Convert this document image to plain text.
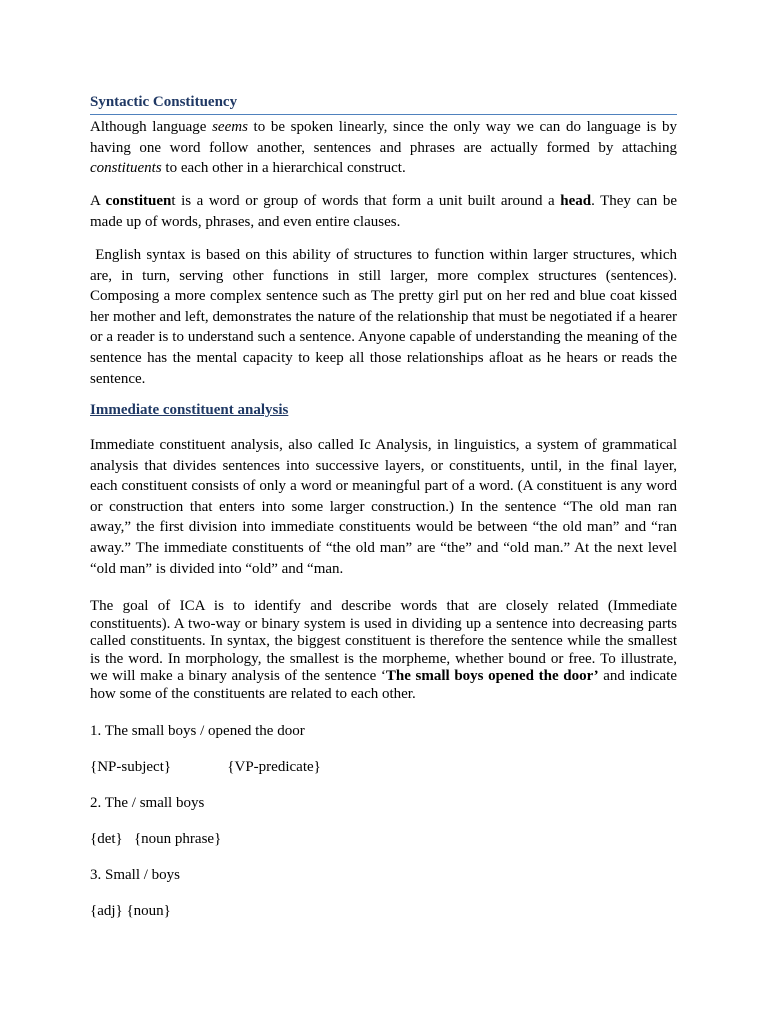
Syntactic Constituency

Although language seems to be spoken linearly, since the only way we can do language is by having one word follow another, sentences and phrases are actually formed by attaching constituents to each other in a hierarchical construct.

A constituent is a word or group of words that form a unit built around a head. They can be made up of words, phrases, and even entire clauses.

English syntax is based on this ability of structures to function within larger structures, which are, in turn, serving other functions in still larger, more complex structures (sentences). Composing a more complex sentence such as The pretty girl put on her red and blue coat kissed her mother and left, demonstrates the nature of the relationship that must be negotiated if a hearer or a reader is to understand such a sentence. Anyone capable of understanding the meaning of the sentence has the mental capacity to keep all those relationships afloat as he hears or reads the sentence.

Immediate constituent analysis

Immediate constituent analysis, also called Ic Analysis, in linguistics, a system of grammatical analysis that divides sentences into successive layers, or constituents, until, in the final layer, each constituent consists of only a word or meaningful part of a word. (A constituent is any word or construction that enters into some larger construction.) In the sentence “The old man ran away,” the first division into immediate constituents would be between “the old man” and “ran away.” The immediate constituents of “the old man” are “the” and “old man.” At the next level “old man” is divided into “old” and “man.

The goal of ICA is to identify and describe words that are closely related (Immediate constituents). A two-way or binary system is used in dividing up a sentence into decreasing parts called constituents. In syntax, the biggest constituent is therefore the sentence while the smallest is the word. In morphology, the smallest is the morpheme, whether bound or free. To illustrate, we will make a binary analysis of the sentence ‘The small boys opened the door’ and indicate how some of the constituents are related to each other.

1. The small boys / opened the door

{NP-subject}               {VP-predicate}

2. The / small boys

{det}   {noun phrase}

3. Small / boys

{adj} {noun}
